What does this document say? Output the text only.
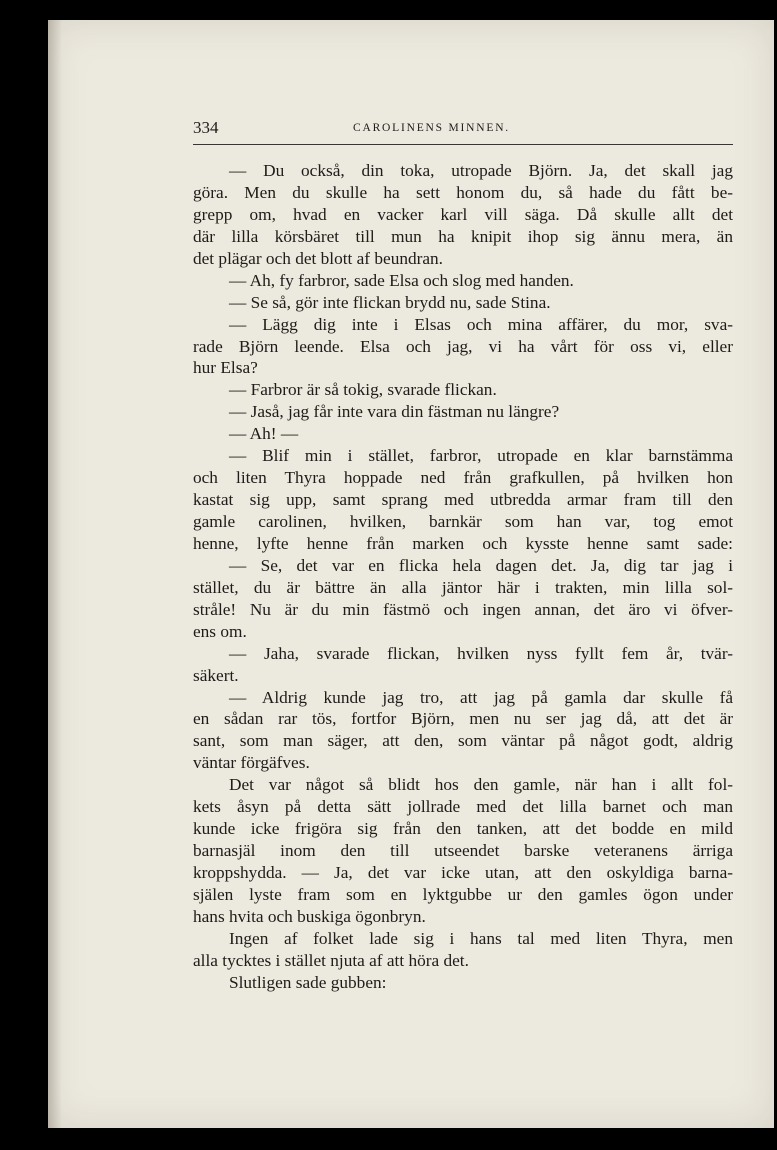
334	CAROLINENS MINNEN.
— Du också, din toka, utropade Björn. Ja, det skall jag
göra. Men du skulle ha sett honom du, så hade du fått be-
grepp om, hvad en vacker karl vill säga. Då skulle allt det
där lilla körsbäret till mun ha knipit ihop sig ännu mera, än
det plägar och det blott af beundran.
— Ah, fy farbror, sade Elsa och slog med handen.
— Se så, gör inte flickan brydd nu, sade Stina.
— Lägg dig inte i Elsas och mina affärer, du mor, sva-
rade Björn leende. Elsa och jag, vi ha vårt för oss vi, eller
hur Elsa?
— Farbror är så tokig, svarade flickan.
— Jaså, jag får inte vara din fästman nu längre?
— Ah! —
— Blif min i stället, farbror, utropade en klar barnstämma
och liten Thyra hoppade ned från grafkullen, på hvilken hon
kastat sig upp, samt sprang med utbredda armar fram till den
gamle carolinen, hvilken, barnkär som han var, tog emot
henne, lyfte henne från marken och kysste henne samt sade:
— Se, det var en flicka hela dagen det. Ja, dig tar jag i
stället, du är bättre än alla jäntor här i trakten, min lilla sol-
stråle! Nu är du min fästmö och ingen annan, det äro vi öfver-
ens om.
— Jaha, svarade flickan, hvilken nyss fyllt fem år, tvär-
säkert.
— Aldrig kunde jag tro, att jag på gamla dar skulle få
en sådan rar tös, fortfor Björn, men nu ser jag då, att det är
sant, som man säger, att den, som väntar på något godt, aldrig
väntar förgäfves.
Det var något så blidt hos den gamle, när han i allt fol-
kets åsyn på detta sätt jollrade med det lilla barnet och man
kunde icke frigöra sig från den tanken, att det bodde en mild
barnasjäl inom den till utseendet barske veteranens ärriga
kroppshydda. — Ja, det var icke utan, att den oskyldiga barna-
själen lyste fram som en lyktgubbe ur den gamles ögon under
hans hvita och buskiga ögonbryn.
Ingen af folket lade sig i hans tal med liten Thyra, men
alla tycktes i stället njuta af att höra det.
Slutligen sade gubben:
